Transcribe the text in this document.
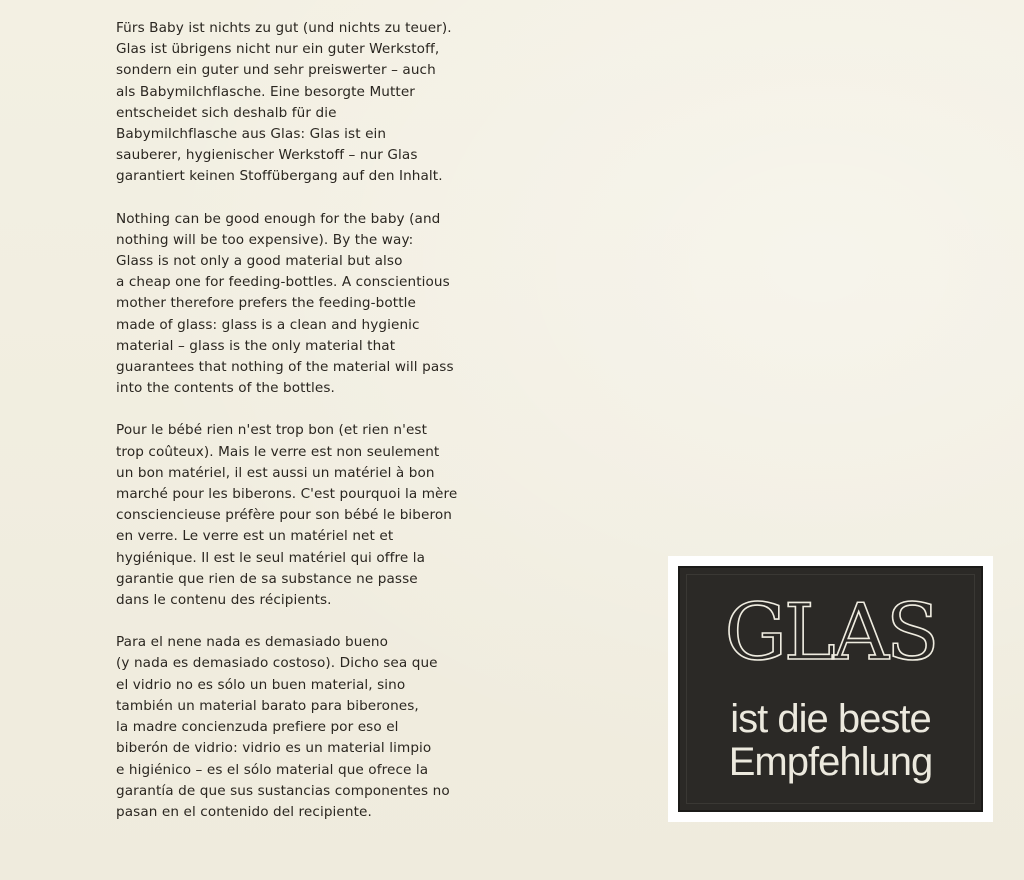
Fürs Baby ist nichts zu gut (und nichts zu teuer).
Glas ist übrigens nicht nur ein guter Werkstoff,
sondern ein guter und sehr preiswerter – auch
als Babymilchflasche. Eine besorgte Mutter
entscheidet sich deshalb für die
Babymilchflasche aus Glas: Glas ist ein
sauberer, hygienischer Werkstoff – nur Glas
garantiert keinen Stoffübergang auf den Inhalt.

Nothing can be good enough for the baby (and
nothing will be too expensive). By the way:
Glass is not only a good material but also
a cheap one for feeding-bottles. A conscientious
mother therefore prefers the feeding-bottle
made of glass: glass is a clean and hygienic
material – glass is the only material that
guarantees that nothing of the material will pass
into the contents of the bottles.

Pour le bébé rien n'est trop bon (et rien n'est
trop coûteux). Mais le verre est non seulement
un bon matériel, il est aussi un matériel à bon
marché pour les biberons. C'est pourquoi la mère
consciencieuse préfère pour son bébé le biberon
en verre. Le verre est un matériel net et
hygiénique. Il est le seul matériel qui offre la
garantie que rien de sa substance ne passe
dans le contenu des récipients.

Para el nene nada es demasiado bueno
(y nada es demasiado costoso). Dicho sea que
el vidrio no es sólo un buen material, sino
también un material barato para biberones,
la madre concienzuda prefiere por eso el
biberón de vidrio: vidrio es un material limpio
e higiénico – es el sólo material que ofrece la
garantía de que sus sustancias componentes no
pasan en el contenido del recipiente.

GLAS
ist die beste
Empfehlung
